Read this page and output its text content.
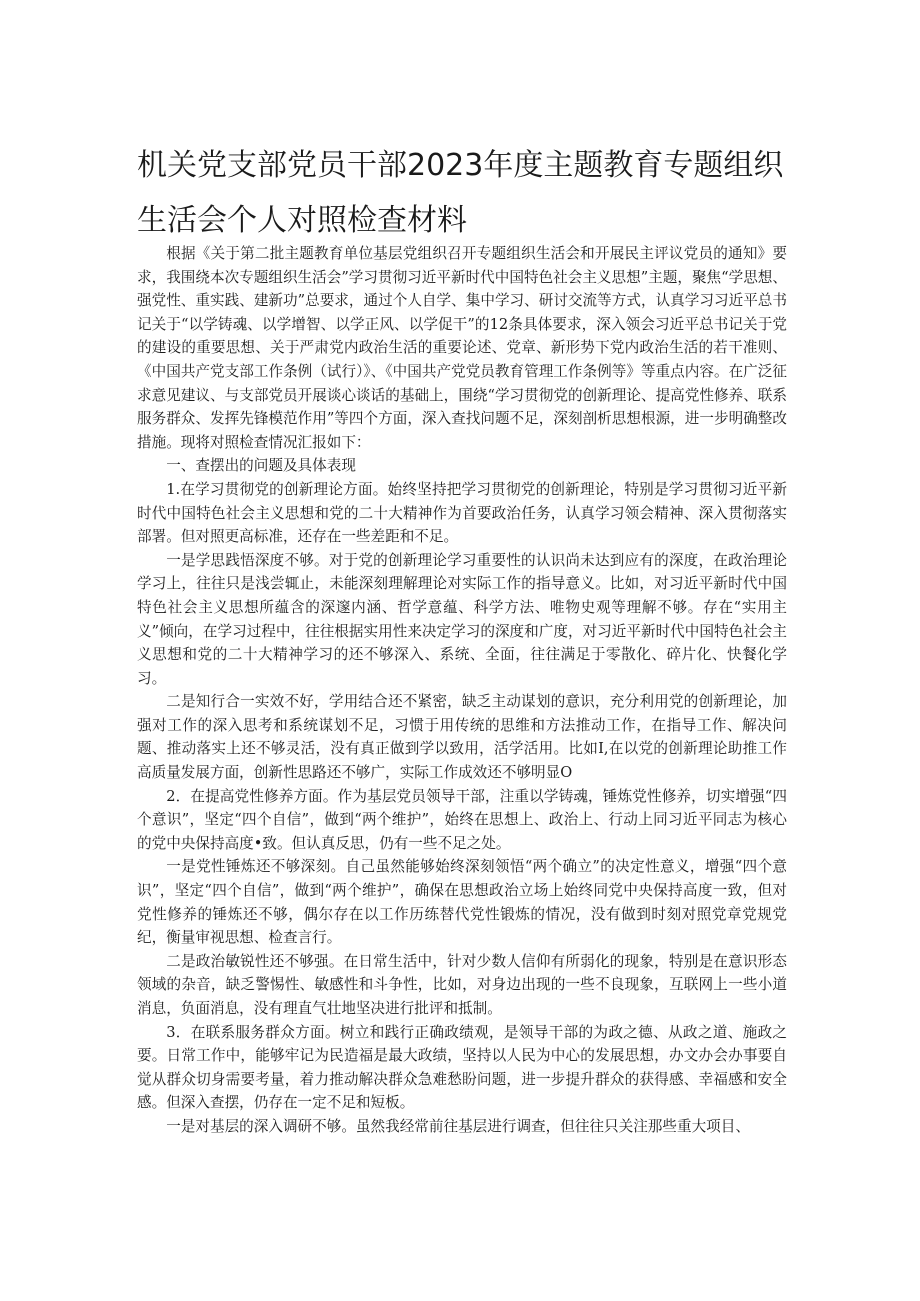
机关党支部党员干部2023年度主题教育专题组织生活会个人对照检查材料

根据《关于第二批主题教育单位基层党组织召开专题组织生活会和开展民主评议党员的通知》要求，我围绕本次专题组织生活会”学习贯彻习近平新时代中国特色社会主义思想”主题，聚焦“学思想、强党性、重实践、建新功”总要求，通过个人自学、集中学习、研讨交流等方式，认真学习习近平总书记关于“以学铸魂、以学增智、以学正风、以学促干”的12条具体要求，深入领会习近平总书记关于党的建设的重要思想、关于严肃党内政治生活的重要论述、党章、新形势下党内政治生活的若干准则、《中国共产党支部工作条例（试行）》、《中国共产党党员教育管理工作条例等》等重点内容。在广泛征求意见建议、与支部党员开展谈心谈话的基础上，围绕“学习贯彻党的创新理论、提高党性修养、联系服务群众、发挥先锋模范作用”等四个方面，深入查找问题不足，深刻剖析思想根源，进一步明确整改措施。现将对照检查情况汇报如下：

一、查摆出的问题及具体表现

1.在学习贯彻党的创新理论方面。始终坚持把学习贯彻党的创新理论，特别是学习贯彻习近平新时代中国特色社会主义思想和党的二十大精神作为首要政治任务，认真学习领会精神、深入贯彻落实部署。但对照更高标准，还存在一些差距和不足。

一是学思践悟深度不够。对于党的创新理论学习重要性的认识尚未达到应有的深度，在政治理论学习上，往往只是浅尝辄止，未能深刻理解理论对实际工作的指导意义。比如，对习近平新时代中国特色社会主义思想所蕴含的深邃内涵、哲学意蕴、科学方法、唯物史观等理解不够。存在“实用主义”倾向，在学习过程中，往往根据实用性来决定学习的深度和广度，对习近平新时代中国特色社会主义思想和党的二十大精神学习的还不够深入、系统、全面，往往满足于零散化、碎片化、快餐化学习。

二是知行合一实效不好，学用结合还不紧密，缺乏主动谋划的意识，充分利用党的创新理论，加强对工作的深入思考和系统谋划不足，习惯于用传统的思维和方法推动工作，在指导工作、解决问题、推动落实上还不够灵活，没有真正做到学以致用，活学活用。比如I,在以党的创新理论助推工作高质量发展方面，创新性思路还不够广，实际工作成效还不够明显O

2．在提高党性修养方面。作为基层党员领导干部，注重以学铸魂，锤炼党性修养，切实增强“四个意识”，坚定“四个自信”，做到“两个维护”，始终在思想上、政治上、行动上同习近平同志为核心的党中央保持高度•致。但认真反思，仍有一些不足之处。

一是党性锤炼还不够深刻。自己虽然能够始终深刻领悟“两个确立”的决定性意义，增强“四个意识”，坚定“四个自信”，做到“两个维护”，确保在思想政治立场上始终同党中央保持高度一致，但对党性修养的锤炼还不够，偶尔存在以工作历练替代党性锻炼的情况，没有做到时刻对照党章党规党纪，衡量审视思想、检查言行。

二是政治敏锐性还不够强。在日常生活中，针对少数人信仰有所弱化的现象，特别是在意识形态领域的杂音，缺乏警惕性、敏感性和斗争性，比如，对身边出现的一些不良现象，互联网上一些小道消息，负面消息，没有理直气壮地坚决进行批评和抵制。

3．在联系服务群众方面。树立和践行正确政绩观，是领导干部的为政之德、从政之道、施政之要。日常工作中，能够牢记为民造福是最大政绩，坚持以人民为中心的发展思想，办文办会办事要自觉从群众切身需要考量，着力推动解决群众急难愁盼问题，进一步提升群众的获得感、幸福感和安全感。但深入查摆，仍存在一定不足和短板。

一是对基层的深入调研不够。虽然我经常前往基层进行调查，但往往只关注那些重大项目、
